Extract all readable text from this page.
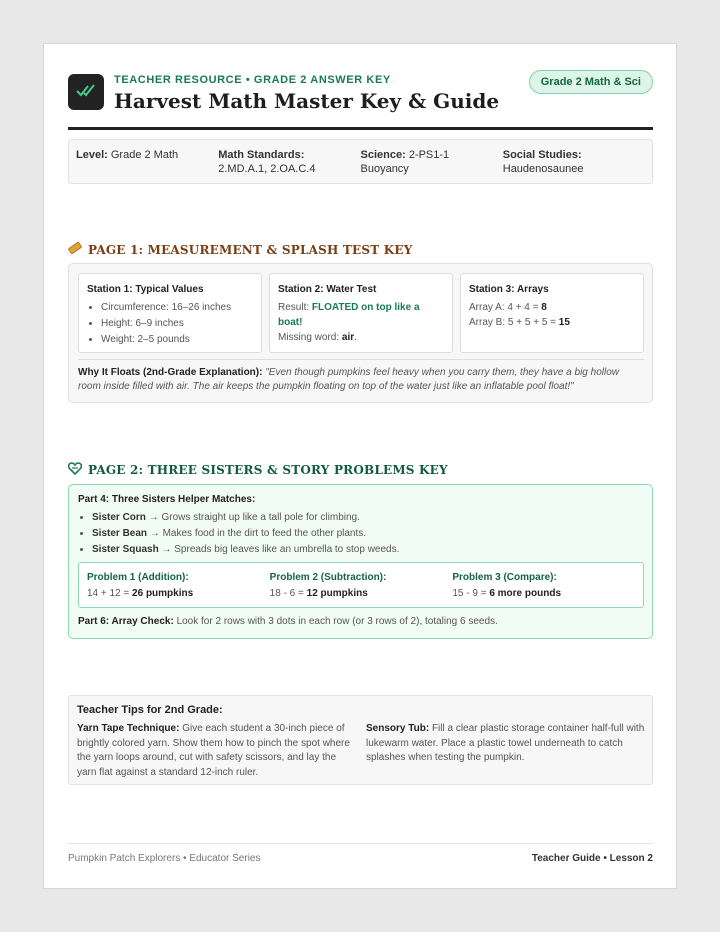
TEACHER RESOURCE • GRADE 2 ANSWER KEY
Harvest Math Master Key & Guide
Grade 2 Math & Sci
Level: Grade 2 Math	Math Standards: 2.MD.A.1, 2.OA.C.4
Science: 2-PS1-1 Buoyancy
Social Studies:
Haudenosaunee
PAGE 1: MEASUREMENT & SPLASH TEST KEY
Station 1: Typical Values
• Circumference: 16–26 inches
• Height: 6–9 inches
• Weight: 2–5 pounds
Station 2: Water Test
Result: FLOATED on top like a boat!
Missing word: air.
Station 3: Arrays
Array A: 4 + 4 = 8
Array B: 5 + 5 + 5 = 15
Why It Floats (2nd-Grade Explanation): "Even though pumpkins feel heavy when you carry them, they have a big hollow room inside filled with air. The air keeps the pumpkin floating on top of the water just like an inflatable pool float!"
PAGE 2: THREE SISTERS & STORY PROBLEMS KEY
Part 4: Three Sisters Helper Matches:
• Sister Corn → Grows straight up like a tall pole for climbing.
• Sister Bean → Makes food in the dirt to feed the other plants.
• Sister Squash → Spreads big leaves like an umbrella to stop weeds.
Problem 1 (Addition):
14 + 12 = 26 pumpkins
Problem 2 (Subtraction):
18 - 6 = 12 pumpkins
Problem 3 (Compare):
15 - 9 = 6 more pounds
Part 6: Array Check: Look for 2 rows with 3 dots in each row (or 3 rows of 2), totaling 6 seeds.
Teacher Tips for 2nd Grade:
Yarn Tape Technique: Give each student a 30-inch piece of brightly colored yarn. Show them how to pinch the spot where the yarn loops around, cut with safety scissors, and lay the yarn flat against a standard 12-inch ruler.
Sensory Tub: Fill a clear plastic storage container half-full with lukewarm water. Place a plastic towel underneath to catch splashes when testing the pumpkin.
Pumpkin Patch Explorers • Educator Series	Teacher Guide • Lesson 2
